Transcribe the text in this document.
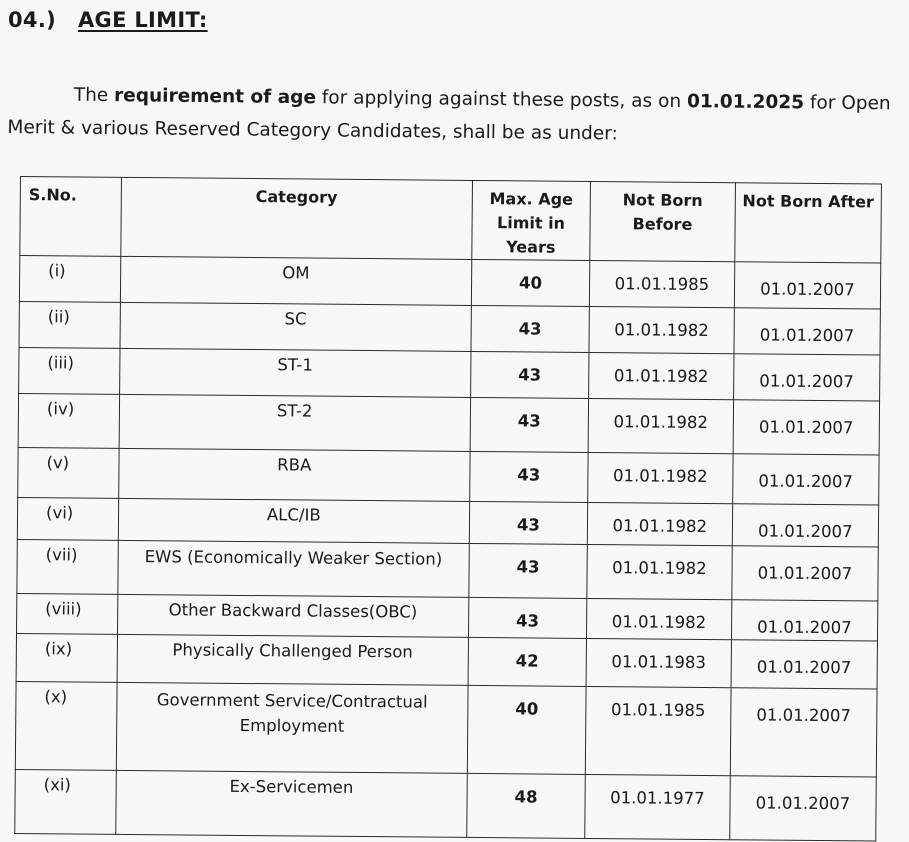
04.) AGE LIMIT:
The requirement of age for applying against these posts, as on 01.01.2025 for Open Merit & various Reserved Category Candidates, shall be as under:
S.No.	Category	Max. Age Limit in Years	Not Born Before	Not Born After
(i)	OM	40	01.01.1985	01.01.2007
(ii)	SC	43	01.01.1982	01.01.2007
(iii)	ST-1	43	01.01.1982	01.01.2007
(iv)	ST-2	43	01.01.1982	01.01.2007
(v)	RBA	43	01.01.1982	01.01.2007
(vi)	ALC/IB	43	01.01.1982	01.01.2007
(vii)	EWS (Economically Weaker Section)	43	01.01.1982	01.01.2007
(viii)	Other Backward Classes(OBC)	43	01.01.1982	01.01.2007
(ix)	Physically Challenged Person	42	01.01.1983	01.01.2007
(x)	Government Service/Contractual Employment	40	01.01.1985	01.01.2007
(xi)	Ex-Servicemen	48	01.01.1977	01.01.2007
